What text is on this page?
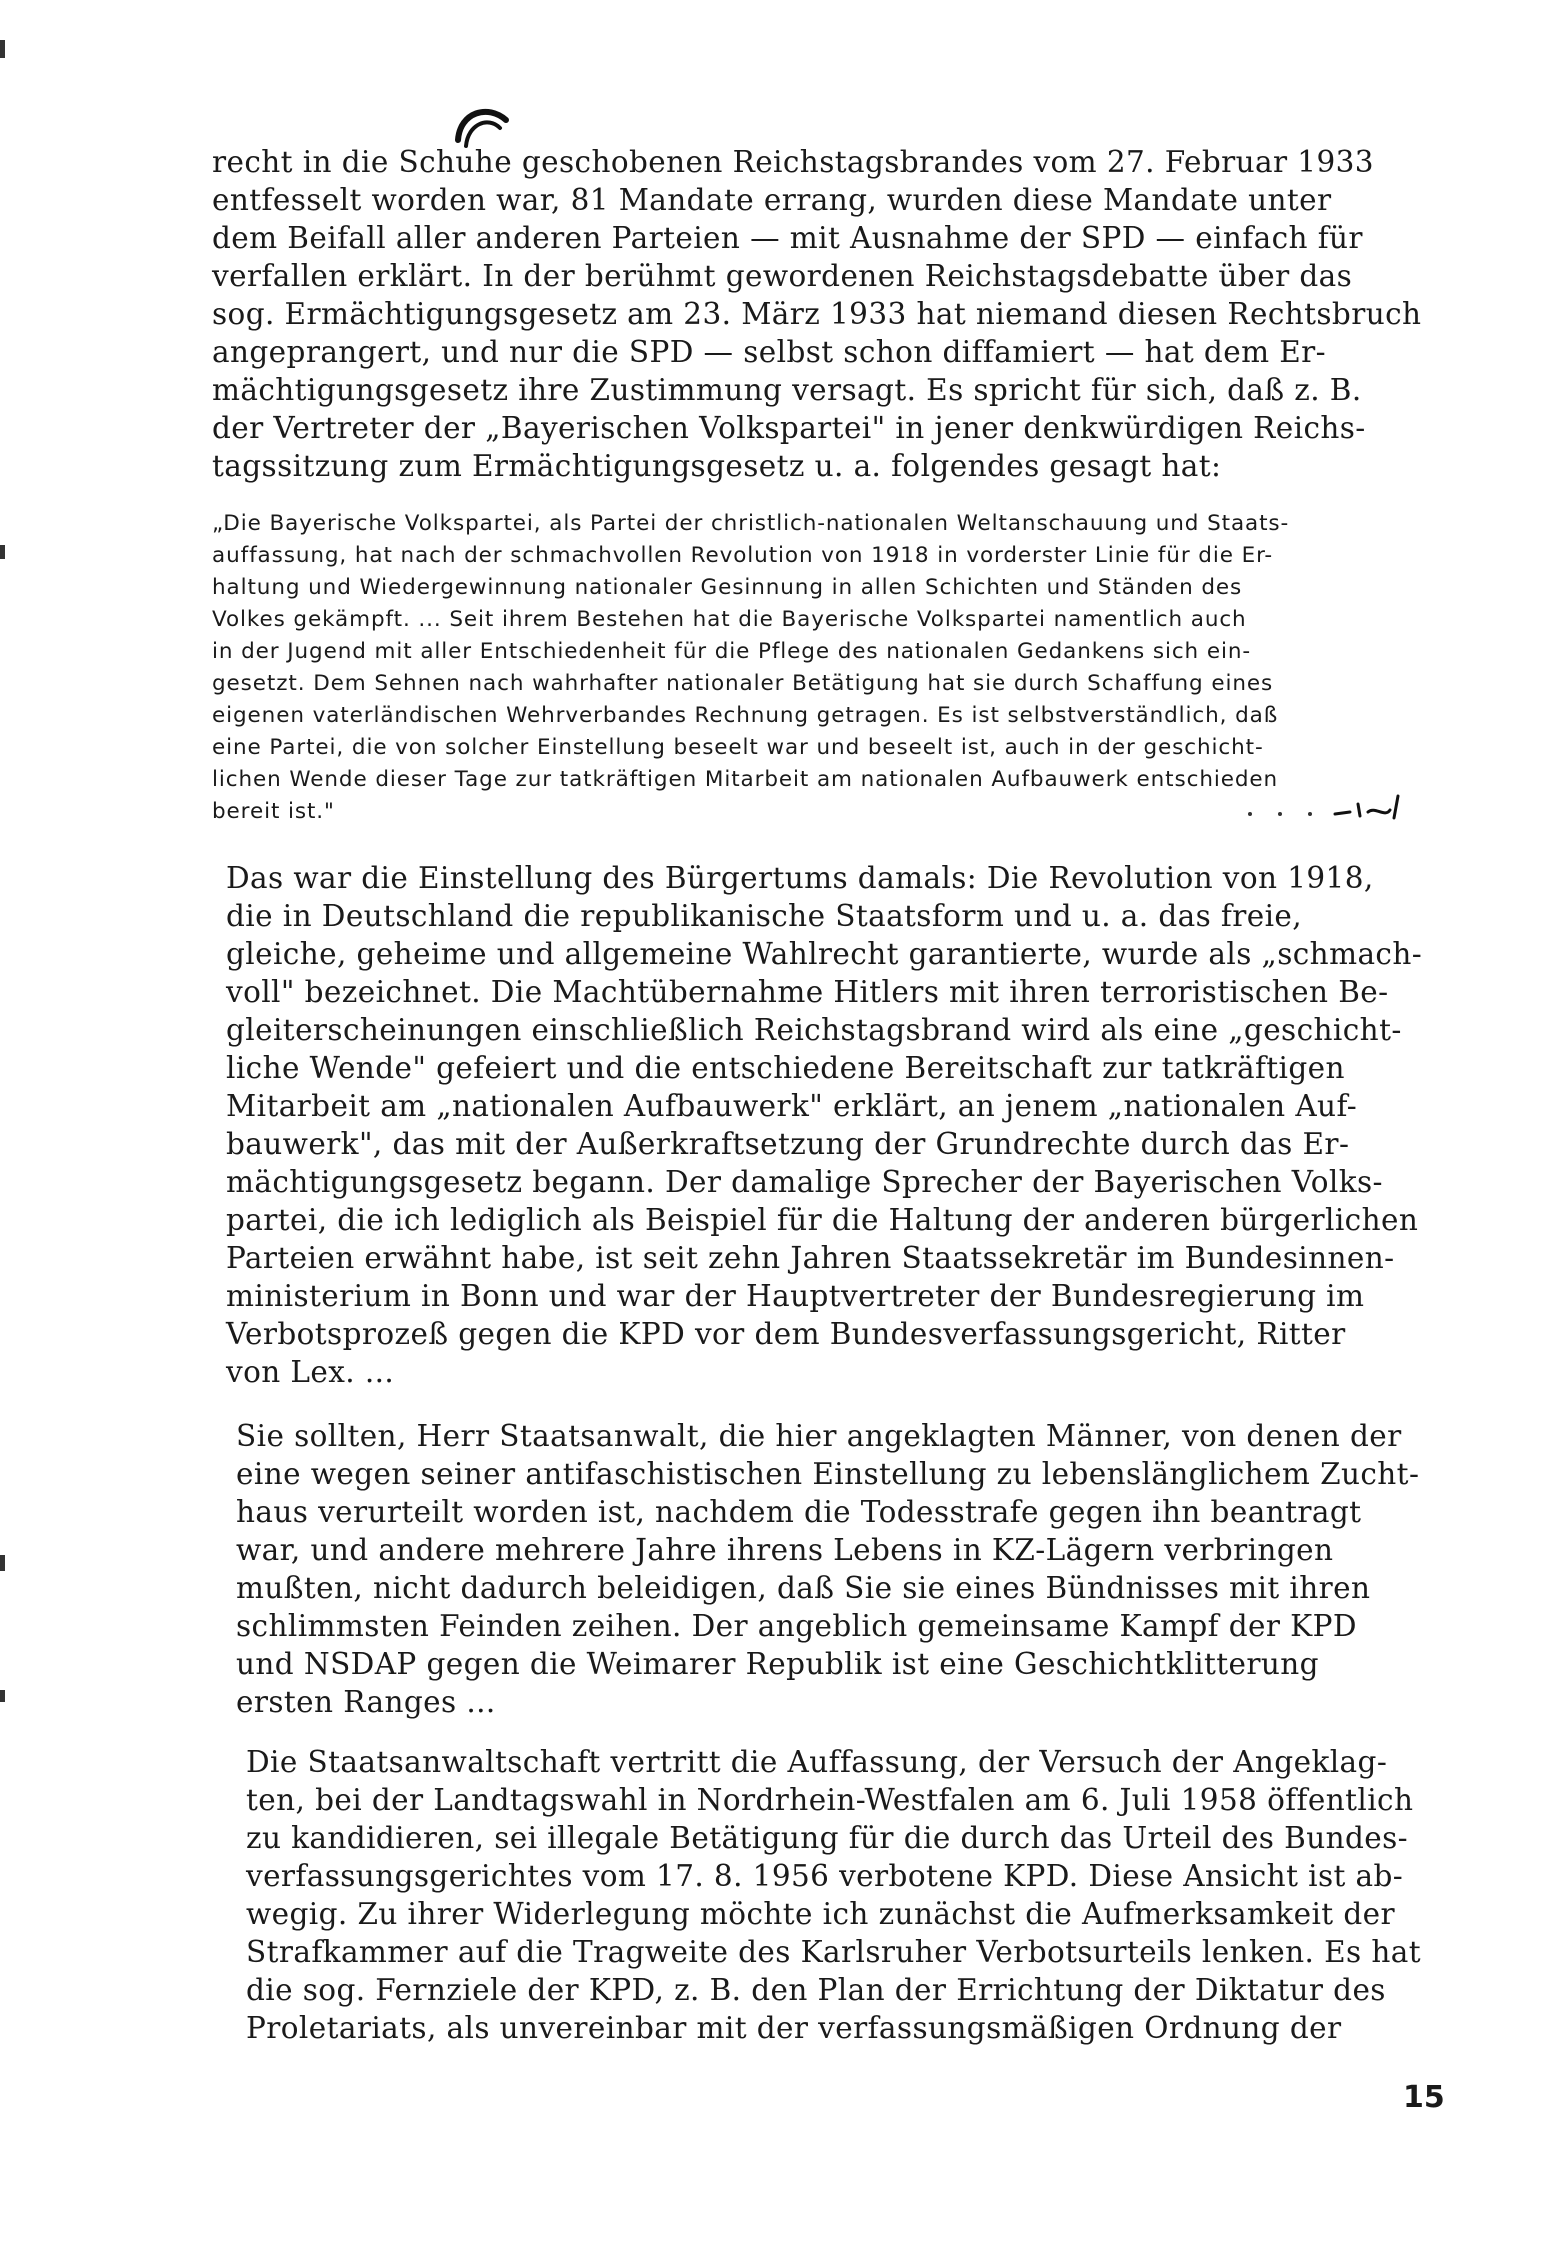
recht in die Schuhe geschobenen Reichstagsbrandes vom 27. Februar 1933
entfesselt worden war, 81 Mandate errang, wurden diese Mandate unter
dem Beifall aller anderen Parteien — mit Ausnahme der SPD — einfach für
verfallen erklärt. In der berühmt gewordenen Reichstagsdebatte über das
sog. Ermächtigungsgesetz am 23. März 1933 hat niemand diesen Rechtsbruch
angeprangert, und nur die SPD — selbst schon diffamiert — hat dem Er-
mächtigungsgesetz ihre Zustimmung versagt. Es spricht für sich, daß z. B.
der Vertreter der „Bayerischen Volkspartei" in jener denkwürdigen Reichs-
tagssitzung zum Ermächtigungsgesetz u. a. folgendes gesagt hat:
„Die Bayerische Volkspartei, als Partei der christlich-nationalen Weltanschauung und Staats-
auffassung, hat nach der schmachvollen Revolution von 1918 in vorderster Linie für die Er-
haltung und Wiedergewinnung nationaler Gesinnung in allen Schichten und Ständen des
Volkes gekämpft. ... Seit ihrem Bestehen hat die Bayerische Volkspartei namentlich auch
in der Jugend mit aller Entschiedenheit für die Pflege des nationalen Gedankens sich ein-
gesetzt. Dem Sehnen nach wahrhafter nationaler Betätigung hat sie durch Schaffung eines
eigenen vaterländischen Wehrverbandes Rechnung getragen. Es ist selbstverständlich, daß
eine Partei, die von solcher Einstellung beseelt war und beseelt ist, auch in der geschicht-
lichen Wende dieser Tage zur tatkräftigen Mitarbeit am nationalen Aufbauwerk entschieden
bereit ist."
Das war die Einstellung des Bürgertums damals: Die Revolution von 1918,
die in Deutschland die republikanische Staatsform und u. a. das freie,
gleiche, geheime und allgemeine Wahlrecht garantierte, wurde als „schmach-
voll" bezeichnet. Die Machtübernahme Hitlers mit ihren terroristischen Be-
gleiterscheinungen einschließlich Reichstagsbrand wird als eine „geschicht-
liche Wende" gefeiert und die entschiedene Bereitschaft zur tatkräftigen
Mitarbeit am „nationalen Aufbauwerk" erklärt, an jenem „nationalen Auf-
bauwerk", das mit der Außerkraftsetzung der Grundrechte durch das Er-
mächtigungsgesetz begann. Der damalige Sprecher der Bayerischen Volks-
partei, die ich lediglich als Beispiel für die Haltung der anderen bürgerlichen
Parteien erwähnt habe, ist seit zehn Jahren Staatssekretär im Bundesinnen-
ministerium in Bonn und war der Hauptvertreter der Bundesregierung im
Verbotsprozeß gegen die KPD vor dem Bundesverfassungsgericht, Ritter
von Lex. ...
Sie sollten, Herr Staatsanwalt, die hier angeklagten Männer, von denen der
eine wegen seiner antifaschistischen Einstellung zu lebenslänglichem Zucht-
haus verurteilt worden ist, nachdem die Todesstrafe gegen ihn beantragt
war, und andere mehrere Jahre ihrens Lebens in KZ-Lägern verbringen
mußten, nicht dadurch beleidigen, daß Sie sie eines Bündnisses mit ihren
schlimmsten Feinden zeihen. Der angeblich gemeinsame Kampf der KPD
und NSDAP gegen die Weimarer Republik ist eine Geschichtklitterung
ersten Ranges ...
Die Staatsanwaltschaft vertritt die Auffassung, der Versuch der Angeklag-
ten, bei der Landtagswahl in Nordrhein-Westfalen am 6. Juli 1958 öffentlich
zu kandidieren, sei illegale Betätigung für die durch das Urteil des Bundes-
verfassungsgerichtes vom 17. 8. 1956 verbotene KPD. Diese Ansicht ist ab-
wegig. Zu ihrer Widerlegung möchte ich zunächst die Aufmerksamkeit der
Strafkammer auf die Tragweite des Karlsruher Verbotsurteils lenken. Es hat
die sog. Fernziele der KPD, z. B. den Plan der Errichtung der Diktatur des
Proletariats, als unvereinbar mit der verfassungsmäßigen Ordnung der
15
